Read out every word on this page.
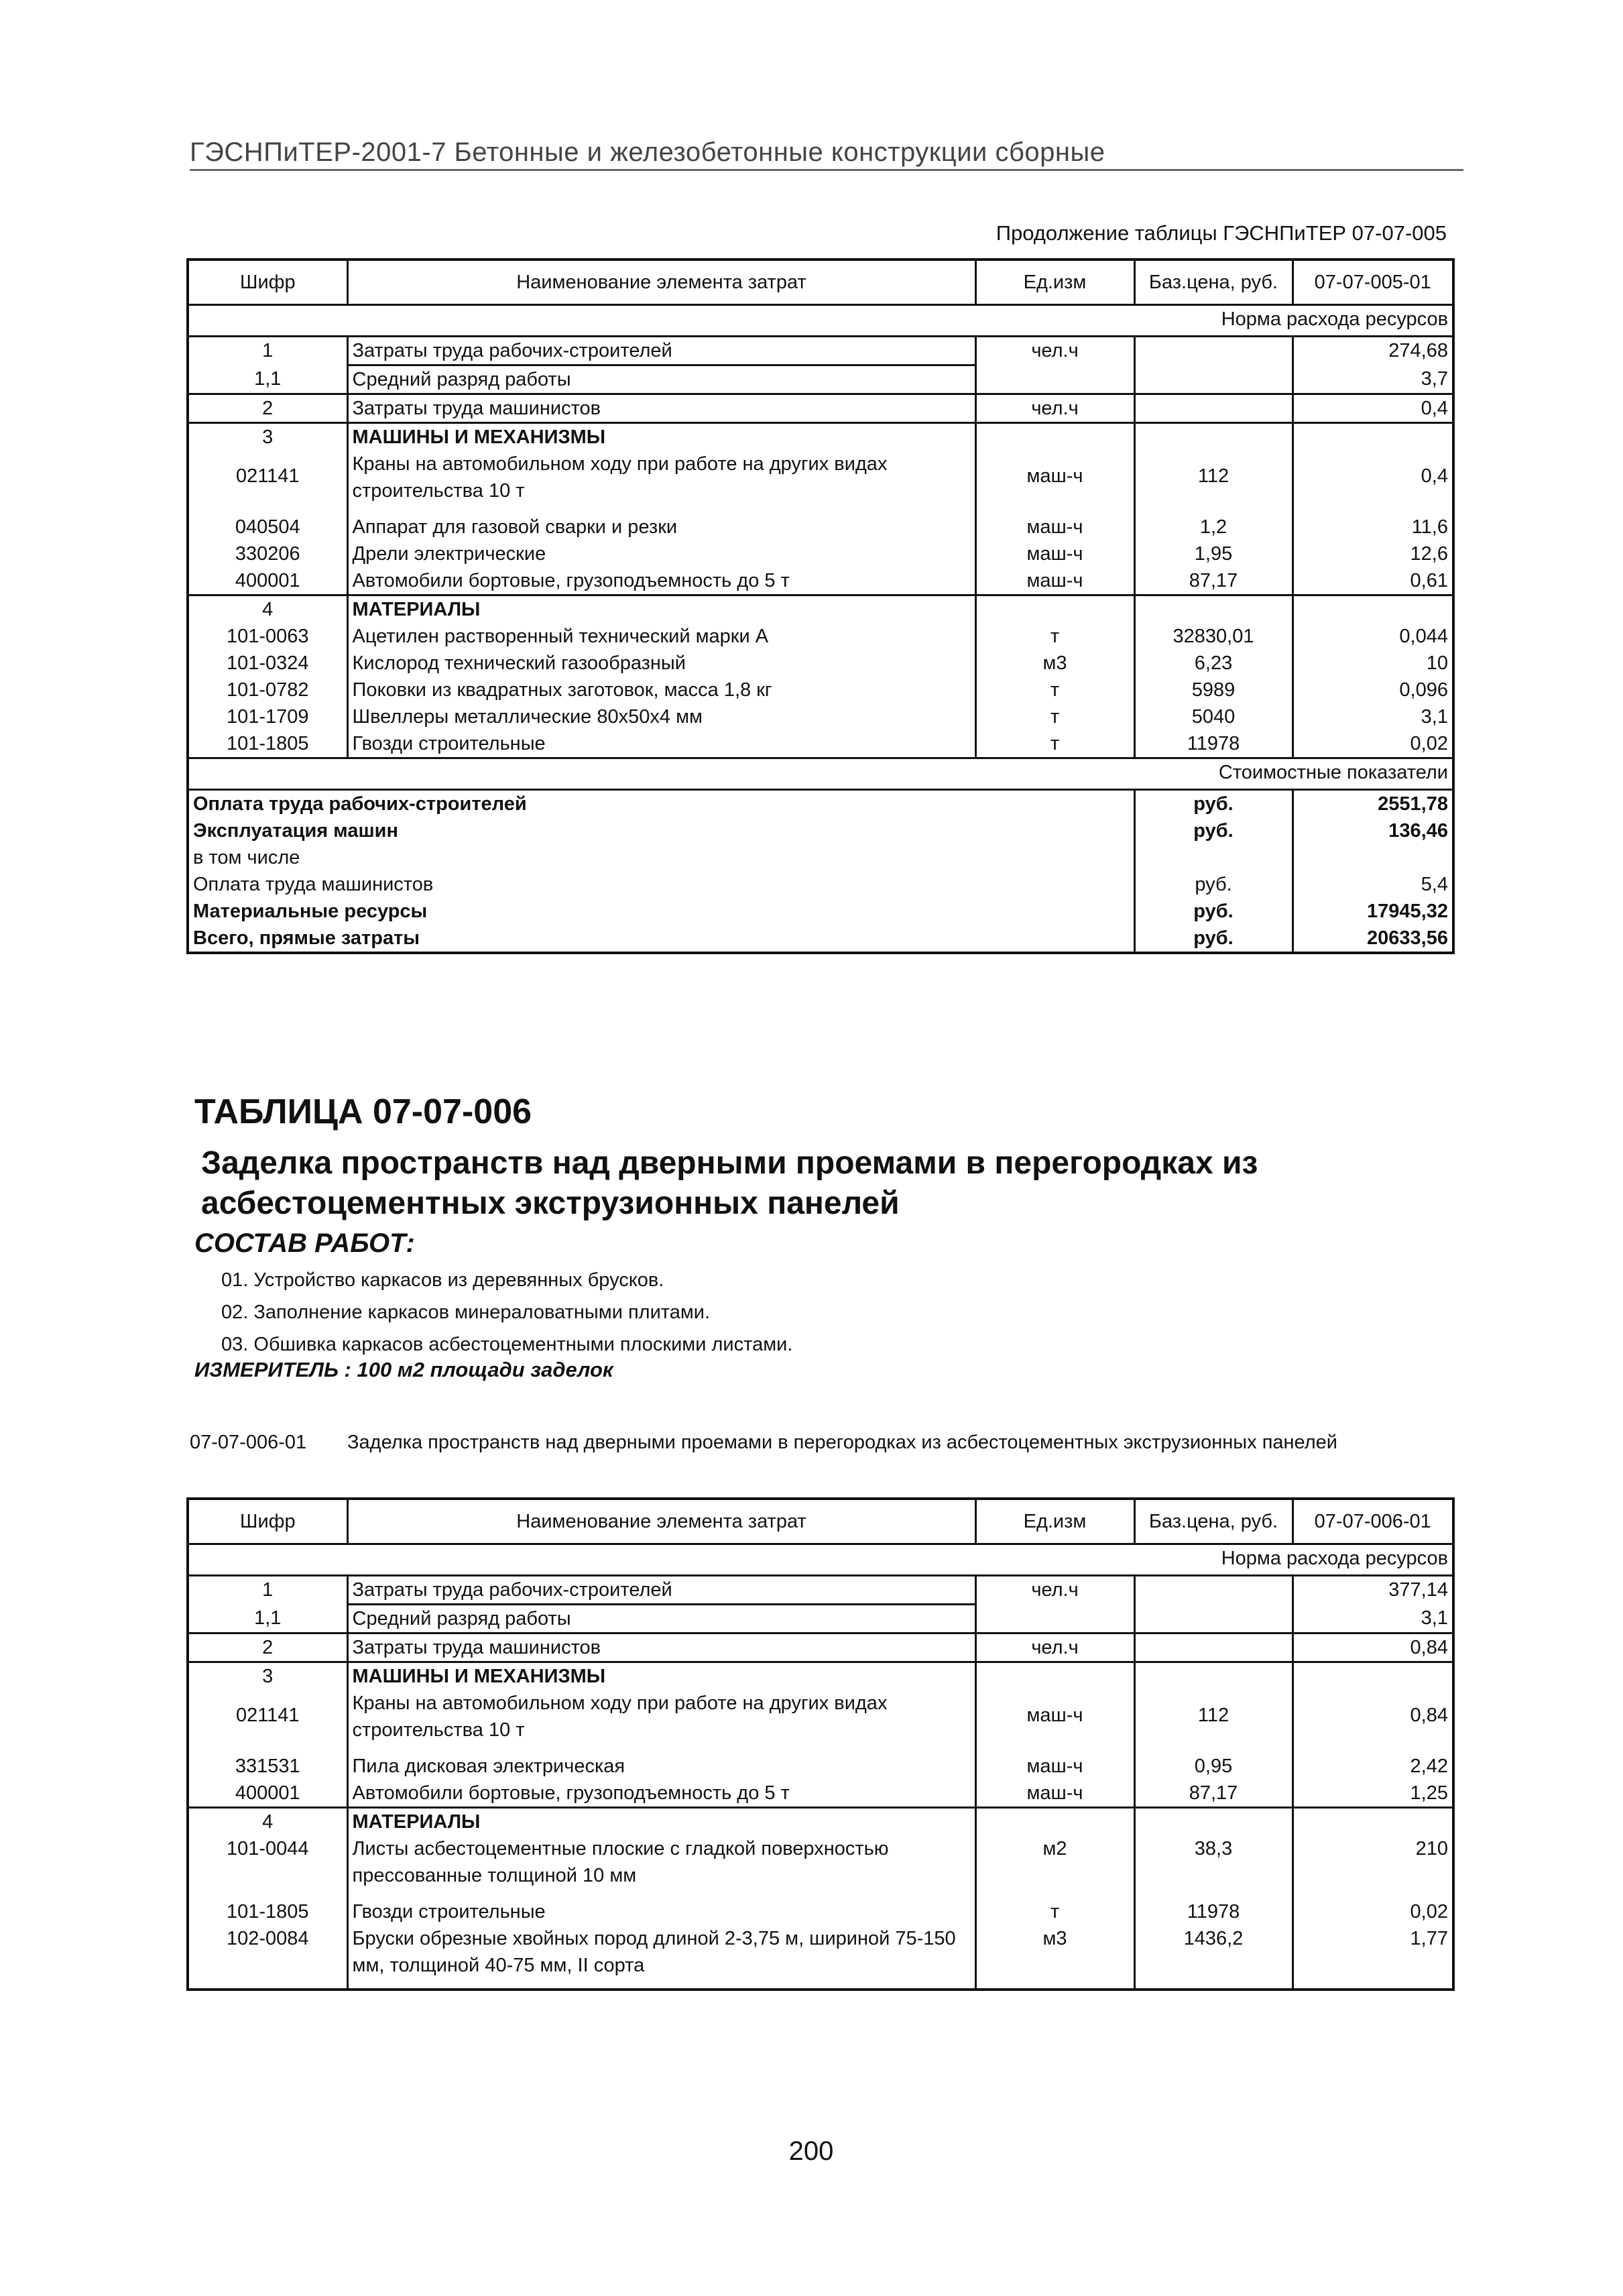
ГЭСНПиТЕР-2001-7 Бетонные и железобетонные конструкции сборные
Продолжение таблицы ГЭСНПиТЕР 07-07-005
Шифр	Наименование элемента затрат	Ед.изм	Баз.цена, руб.	07-07-005-01
Норма расхода ресурсов				
1	Затраты труда рабочих-строителей	чел.ч		274,68
1,1	Средний разряд работы			3,7
2	Затраты труда машинистов	чел.ч		0,4
3	МАШИНЫ И МЕХАНИЗМЫ			
021141	Краны на автомобильном ходу при работе на других видах строительства 10 т	маш-ч	112	0,4
040504	Аппарат для газовой сварки и резки	маш-ч	1,2	11,6
330206	Дрели электрические	маш-ч	1,95	12,6
400001	Автомобили бортовые, грузоподъемность до 5 т	маш-ч	87,17	0,61
4	МАТЕРИАЛЫ			
101-0063	Ацетилен растворенный технический марки А	т	32830,01	0,044
101-0324	Кислород технический газообразный	м3	6,23	10
101-0782	Поковки из квадратных заготовок, масса 1,8 кг	т	5989	0,096
101-1709	Швеллеры металлические 80x50x4 мм	т	5040	3,1
101-1805	Гвозди строительные	т	11978	0,02
Стоимостные показатели				
Оплата труда рабочих-строителей			руб.	2551,78
Эксплуатация машин			руб.	136,46
в том числе				
Оплата труда машинистов			руб.	5,4
Материальные ресурсы			руб.	17945,32
Всего, прямые затраты			руб.	20633,56
ТАБЛИЦА 07-07-006
Заделка пространств над дверными проемами в перегородках из асбестоцементных экструзионных панелей
СОСТАВ РАБОТ:
01. Устройство каркасов из деревянных брусков.
02. Заполнение каркасов минераловатными плитами.
03. Обшивка каркасов асбестоцементными плоскими листами.
ИЗМЕРИТЕЛЬ : 100 м2 площади заделок
07-07-006-01 Заделка пространств над дверными проемами в перегородках из асбестоцементных экструзионных панелей
Шифр	Наименование элемента затрат	Ед.изм	Баз.цена, руб.	07-07-006-01
Норма расхода ресурсов				
1	Затраты труда рабочих-строителей	чел.ч		377,14
1,1	Средний разряд работы			3,1
2	Затраты труда машинистов	чел.ч		0,84
3	МАШИНЫ И МЕХАНИЗМЫ			
021141	Краны на автомобильном ходу при работе на других видах строительства 10 т	маш-ч	112	0,84
331531	Пила дисковая электрическая	маш-ч	0,95	2,42
400001	Автомобили бортовые, грузоподъемность до 5 т	маш-ч	87,17	1,25
4	МАТЕРИАЛЫ			
101-0044	Листы асбестоцементные плоские с гладкой поверхностью прессованные толщиной 10 мм	м2	38,3	210
101-1805	Гвозди строительные	т	11978	0,02
102-0084	Бруски обрезные хвойных пород длиной 2-3,75 м, шириной 75-150 мм, толщиной 40-75 мм, II сорта	м3	1436,2	1,77
200
